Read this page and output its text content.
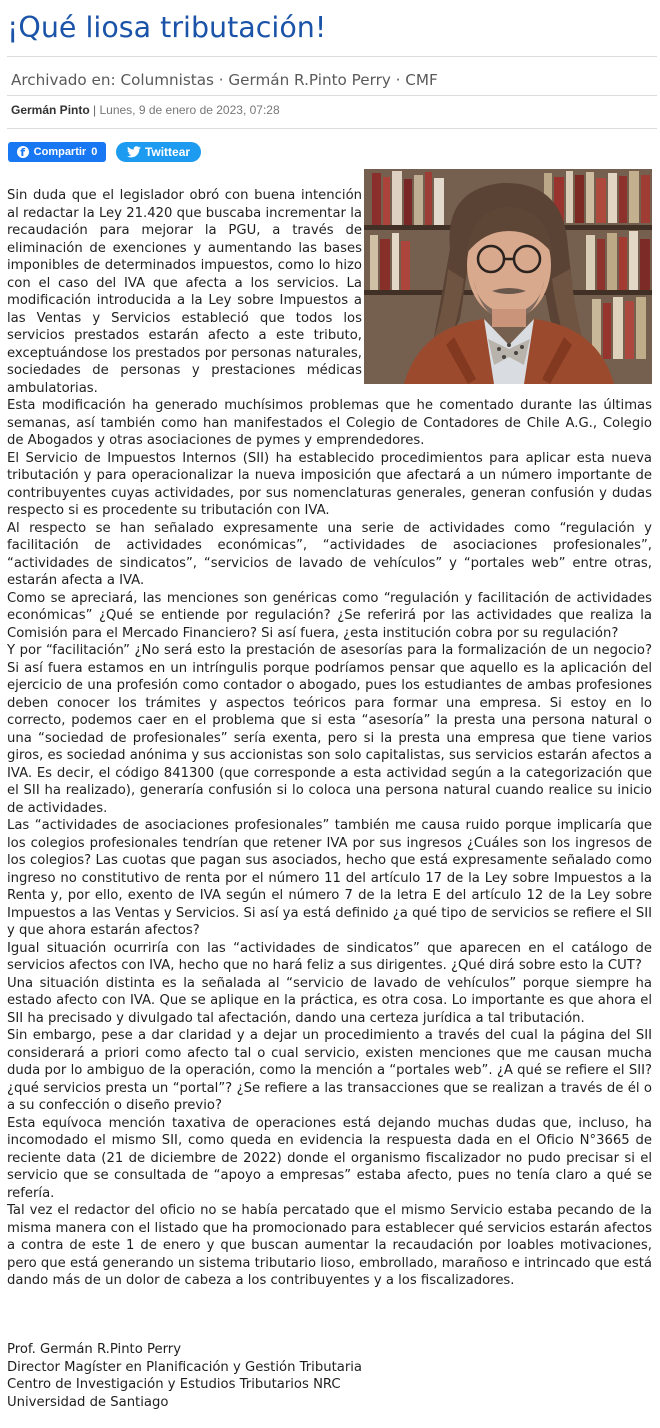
¡Qué liosa tributación!
Archivado en: Columnistas · Germán R.Pinto Perry · CMF
Germán Pinto | Lunes, 9 de enero de 2023, 07:28
f Compartir 0	Twittear

Sin duda que el legislador obró con buena intención al redactar la Ley 21.420 que buscaba incrementar la recaudación para mejorar la PGU, a través de eliminación de exenciones y aumentando las bases imponibles de determinados impuestos, como lo hizo con el caso del IVA que afecta a los servicios. La modificación introducida a la Ley sobre Impuestos a las Ventas y Servicios estableció que todos los servicios prestados estarán afecto a este tributo, exceptuándose los prestados por personas naturales, sociedades de personas y prestaciones médicas ambulatorias.

Esta modificación ha generado muchísimos problemas que he comentado durante las últimas semanas, así también como han manifestados el Colegio de Contadores de Chile A.G., Colegio de Abogados y otras asociaciones de pymes y emprendedores.

El Servicio de Impuestos Internos (SII) ha establecido procedimientos para aplicar esta nueva tributación y para operacionalizar la nueva imposición que afectará a un número importante de contribuyentes cuyas actividades, por sus nomenclaturas generales, generan confusión y dudas respecto si es procedente su tributación con IVA.

Al respecto se han señalado expresamente una serie de actividades como “regulación y facilitación de actividades económicas”, “actividades de asociaciones profesionales”, “actividades de sindicatos”, “servicios de lavado de vehículos” y “portales web” entre otras, estarán afecta a IVA.

Como se apreciará, las menciones son genéricas como “regulación y facilitación de actividades económicas” ¿Qué se entiende por regulación? ¿Se referirá por las actividades que realiza la Comisión para el Mercado Financiero? Si así fuera, ¿esta institución cobra por su regulación?

Y por “facilitación” ¿No será esto la prestación de asesorías para la formalización de un negocio? Si así fuera estamos en un intríngulis porque podríamos pensar que aquello es la aplicación del ejercicio de una profesión como contador o abogado, pues los estudiantes de ambas profesiones deben conocer los trámites y aspectos teóricos para formar una empresa. Si estoy en lo correcto, podemos caer en el problema que si esta “asesoría” la presta una persona natural o una “sociedad de profesionales” sería exenta, pero si la presta una empresa que tiene varios giros, es sociedad anónima y sus accionistas son solo capitalistas, sus servicios estarán afectos a IVA. Es decir, el código 841300 (que corresponde a esta actividad según a la categorización que el SII ha realizado), generaría confusión si lo coloca una persona natural cuando realice su inicio de actividades.

Las “actividades de asociaciones profesionales” también me causa ruido porque implicaría que los colegios profesionales tendrían que retener IVA por sus ingresos ¿Cuáles son los ingresos de los colegios? Las cuotas que pagan sus asociados, hecho que está expresamente señalado como ingreso no constitutivo de renta por el número 11 del artículo 17 de la Ley sobre Impuestos a la Renta y, por ello, exento de IVA según el número 7 de la letra E del artículo 12 de la Ley sobre Impuestos a las Ventas y Servicios. Si así ya está definido ¿a qué tipo de servicios se refiere el SII y que ahora estarán afectos?

Igual situación ocurriría con las “actividades de sindicatos” que aparecen en el catálogo de servicios afectos con IVA, hecho que no hará feliz a sus dirigentes. ¿Qué dirá sobre esto la CUT?

Una situación distinta es la señalada al “servicio de lavado de vehículos” porque siempre ha estado afecto con IVA. Que se aplique en la práctica, es otra cosa. Lo importante es que ahora el SII ha precisado y divulgado tal afectación, dando una certeza jurídica a tal tributación.

Sin embargo, pese a dar claridad y a dejar un procedimiento a través del cual la página del SII considerará a priori como afecto tal o cual servicio, existen menciones que me causan mucha duda por lo ambiguo de la operación, como la mención a “portales web”. ¿A qué se refiere el SII? ¿qué servicios presta un “portal”? ¿Se refiere a las transacciones que se realizan a través de él o a su confección o diseño previo?

Esta equívoca mención taxativa de operaciones está dejando muchas dudas que, incluso, ha incomodado el mismo SII, como queda en evidencia la respuesta dada en el Oficio N°3665 de reciente data (21 de diciembre de 2022) donde el organismo fiscalizador no pudo precisar si el servicio que se consultada de “apoyo a empresas” estaba afecto, pues no tenía claro a qué se refería.

Tal vez el redactor del oficio no se había percatado que el mismo Servicio estaba pecando de la misma manera con el listado que ha promocionado para establecer qué servicios estarán afectos a contra de este 1 de enero y que buscan aumentar la recaudación por loables motivaciones, pero que está generando un sistema tributario lioso, embrollado, marañoso e intrincado que está dando más de un dolor de cabeza a los contribuyentes y a los fiscalizadores.

Prof. Germán R.Pinto Perry
Director Magíster en Planificación y Gestión Tributaria
Centro de Investigación y Estudios Tributarios NRC
Universidad de Santiago
